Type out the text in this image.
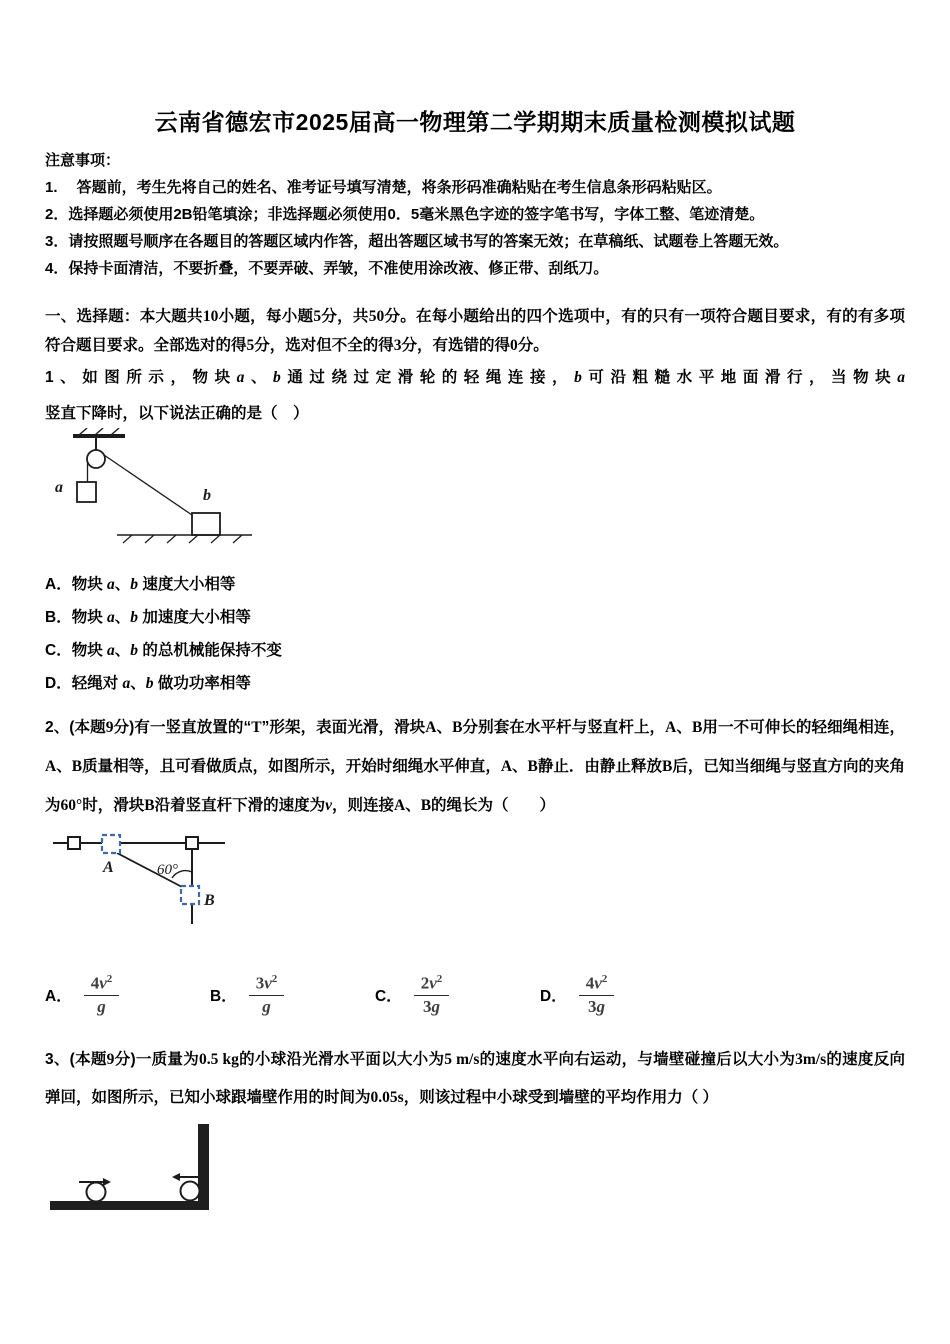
云南省德宏市2025届高一物理第二学期期末质量检测模拟试题
注意事项：
1.　 答题前，考生先将自己的姓名、准考证号填写清楚，将条形码准确粘贴在考生信息条形码粘贴区。
2．选择题必须使用2B铅笔填涂；非选择题必须使用0．5毫米黑色字迹的签字笔书写，字体工整、笔迹清楚。
3．请按照题号顺序在各题目的答题区域内作答，超出答题区域书写的答案无效；在草稿纸、试题卷上答题无效。
4．保持卡面清洁，不要折叠，不要弄破、弄皱，不准使用涂改液、修正带、刮纸刀。
一、选择题：本大题共10小题，每小题5分，共50分。在每小题给出的四个选项中，有的只有一项符合题目要求，有的有多项符合题目要求。全部选对的得5分，选对但不全的得3分，有选错的得0分。
1、如图所示，物块a、b通过绕过定滑轮的轻绳连接，b可沿粗糙水平地面滑行，当物块a竖直下降时，以下说法正确的是（　）
a	b
A．物块 a、b 速度大小相等
B．物块 a、b 加速度大小相等
C．物块 a、b 的总机械能保持不变
D．轻绳对 a、b 做功功率相等
2、(本题9分)有一竖直放置的“T”形架，表面光滑，滑块A、B分别套在水平杆与竖直杆上，A、B用一不可伸长的轻细绳相连，A、B质量相等，且可看做质点，如图所示，开始时细绳水平伸直，A、B静止．由静止释放B后，已知当细绳与竖直方向的夹角为60°时，滑块B沿着竖直杆下滑的速度为v，则连接A、B的绳长为（　　）
A
B
60°
A． $\frac{4v^2}{g}$	B． $\frac{3v^2}{g}$	C． $\frac{2v^2}{3g}$	D． $\frac{4v^2}{3g}$
3、(本题9分)一质量为0.5 kg的小球沿光滑水平面以大小为5 m/s的速度水平向右运动，与墙壁碰撞后以大小为3m/s的速度反向弹回，如图所示，已知小球跟墙壁作用的时间为0.05s，则该过程中小球受到墙壁的平均作用力（ ）
